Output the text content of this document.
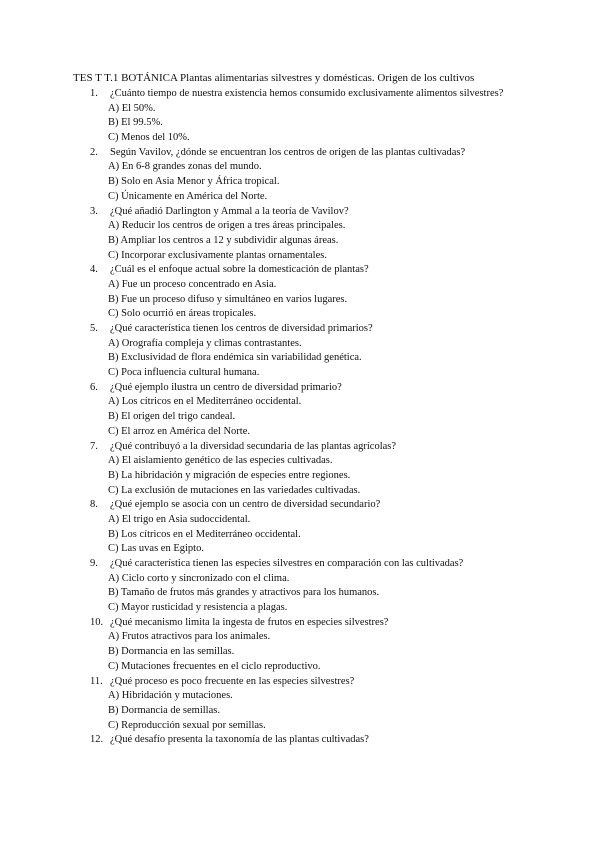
TES T T.1 BOTÁNICA Plantas alimentarias silvestres y domésticas. Origen de los cultivos
1.	¿Cuánto tiempo de nuestra existencia hemos consumido exclusivamente alimentos silvestres?
A) El 50%.
B) El 99.5%.
C) Menos del 10%.
2.	Según Vavilov, ¿dónde se encuentran los centros de origen de las plantas cultivadas?
A) En 6-8 grandes zonas del mundo.
B) Solo en Asia Menor y África tropical.
C) Únicamente en América del Norte.
3.	¿Qué añadió Darlington y Ammal a la teoría de Vavilov?
A) Reducir los centros de origen a tres áreas principales.
B) Ampliar los centros a 12 y subdividir algunas áreas.
C) Incorporar exclusivamente plantas ornamentales.
4.	¿Cuál es el enfoque actual sobre la domesticación de plantas?
A) Fue un proceso concentrado en Asia.
B) Fue un proceso difuso y simultáneo en varios lugares.
C) Solo ocurrió en áreas tropicales.
5.	¿Qué característica tienen los centros de diversidad primarios?
A) Orografía compleja y climas contrastantes.
B) Exclusividad de flora endémica sin variabilidad genética.
C) Poca influencia cultural humana.
6.	¿Qué ejemplo ilustra un centro de diversidad primario?
A) Los cítricos en el Mediterráneo occidental.
B) El origen del trigo candeal.
C) El arroz en América del Norte.
7.	¿Qué contribuyó a la diversidad secundaria de las plantas agrícolas?
A) El aislamiento genético de las especies cultivadas.
B) La hibridación y migración de especies entre regiones.
C) La exclusión de mutaciones en las variedades cultivadas.
8.	¿Qué ejemplo se asocia con un centro de diversidad secundario?
A) El trigo en Asia sudoccidental.
B) Los cítricos en el Mediterráneo occidental.
C) Las uvas en Egipto.
9.	¿Qué característica tienen las especies silvestres en comparación con las cultivadas?
A) Ciclo corto y sincronizado con el clima.
B) Tamaño de frutos más grandes y atractivos para los humanos.
C) Mayor rusticidad y resistencia a plagas.
10. ¿Qué mecanismo limita la ingesta de frutos en especies silvestres?
A) Frutos atractivos para los animales.
B) Dormancia en las semillas.
C) Mutaciones frecuentes en el ciclo reproductivo.
11. ¿Qué proceso es poco frecuente en las especies silvestres?
A) Hibridación y mutaciones.
B) Dormancia de semillas.
C) Reproducción sexual por semillas.
12. ¿Qué desafío presenta la taxonomía de las plantas cultivadas?
